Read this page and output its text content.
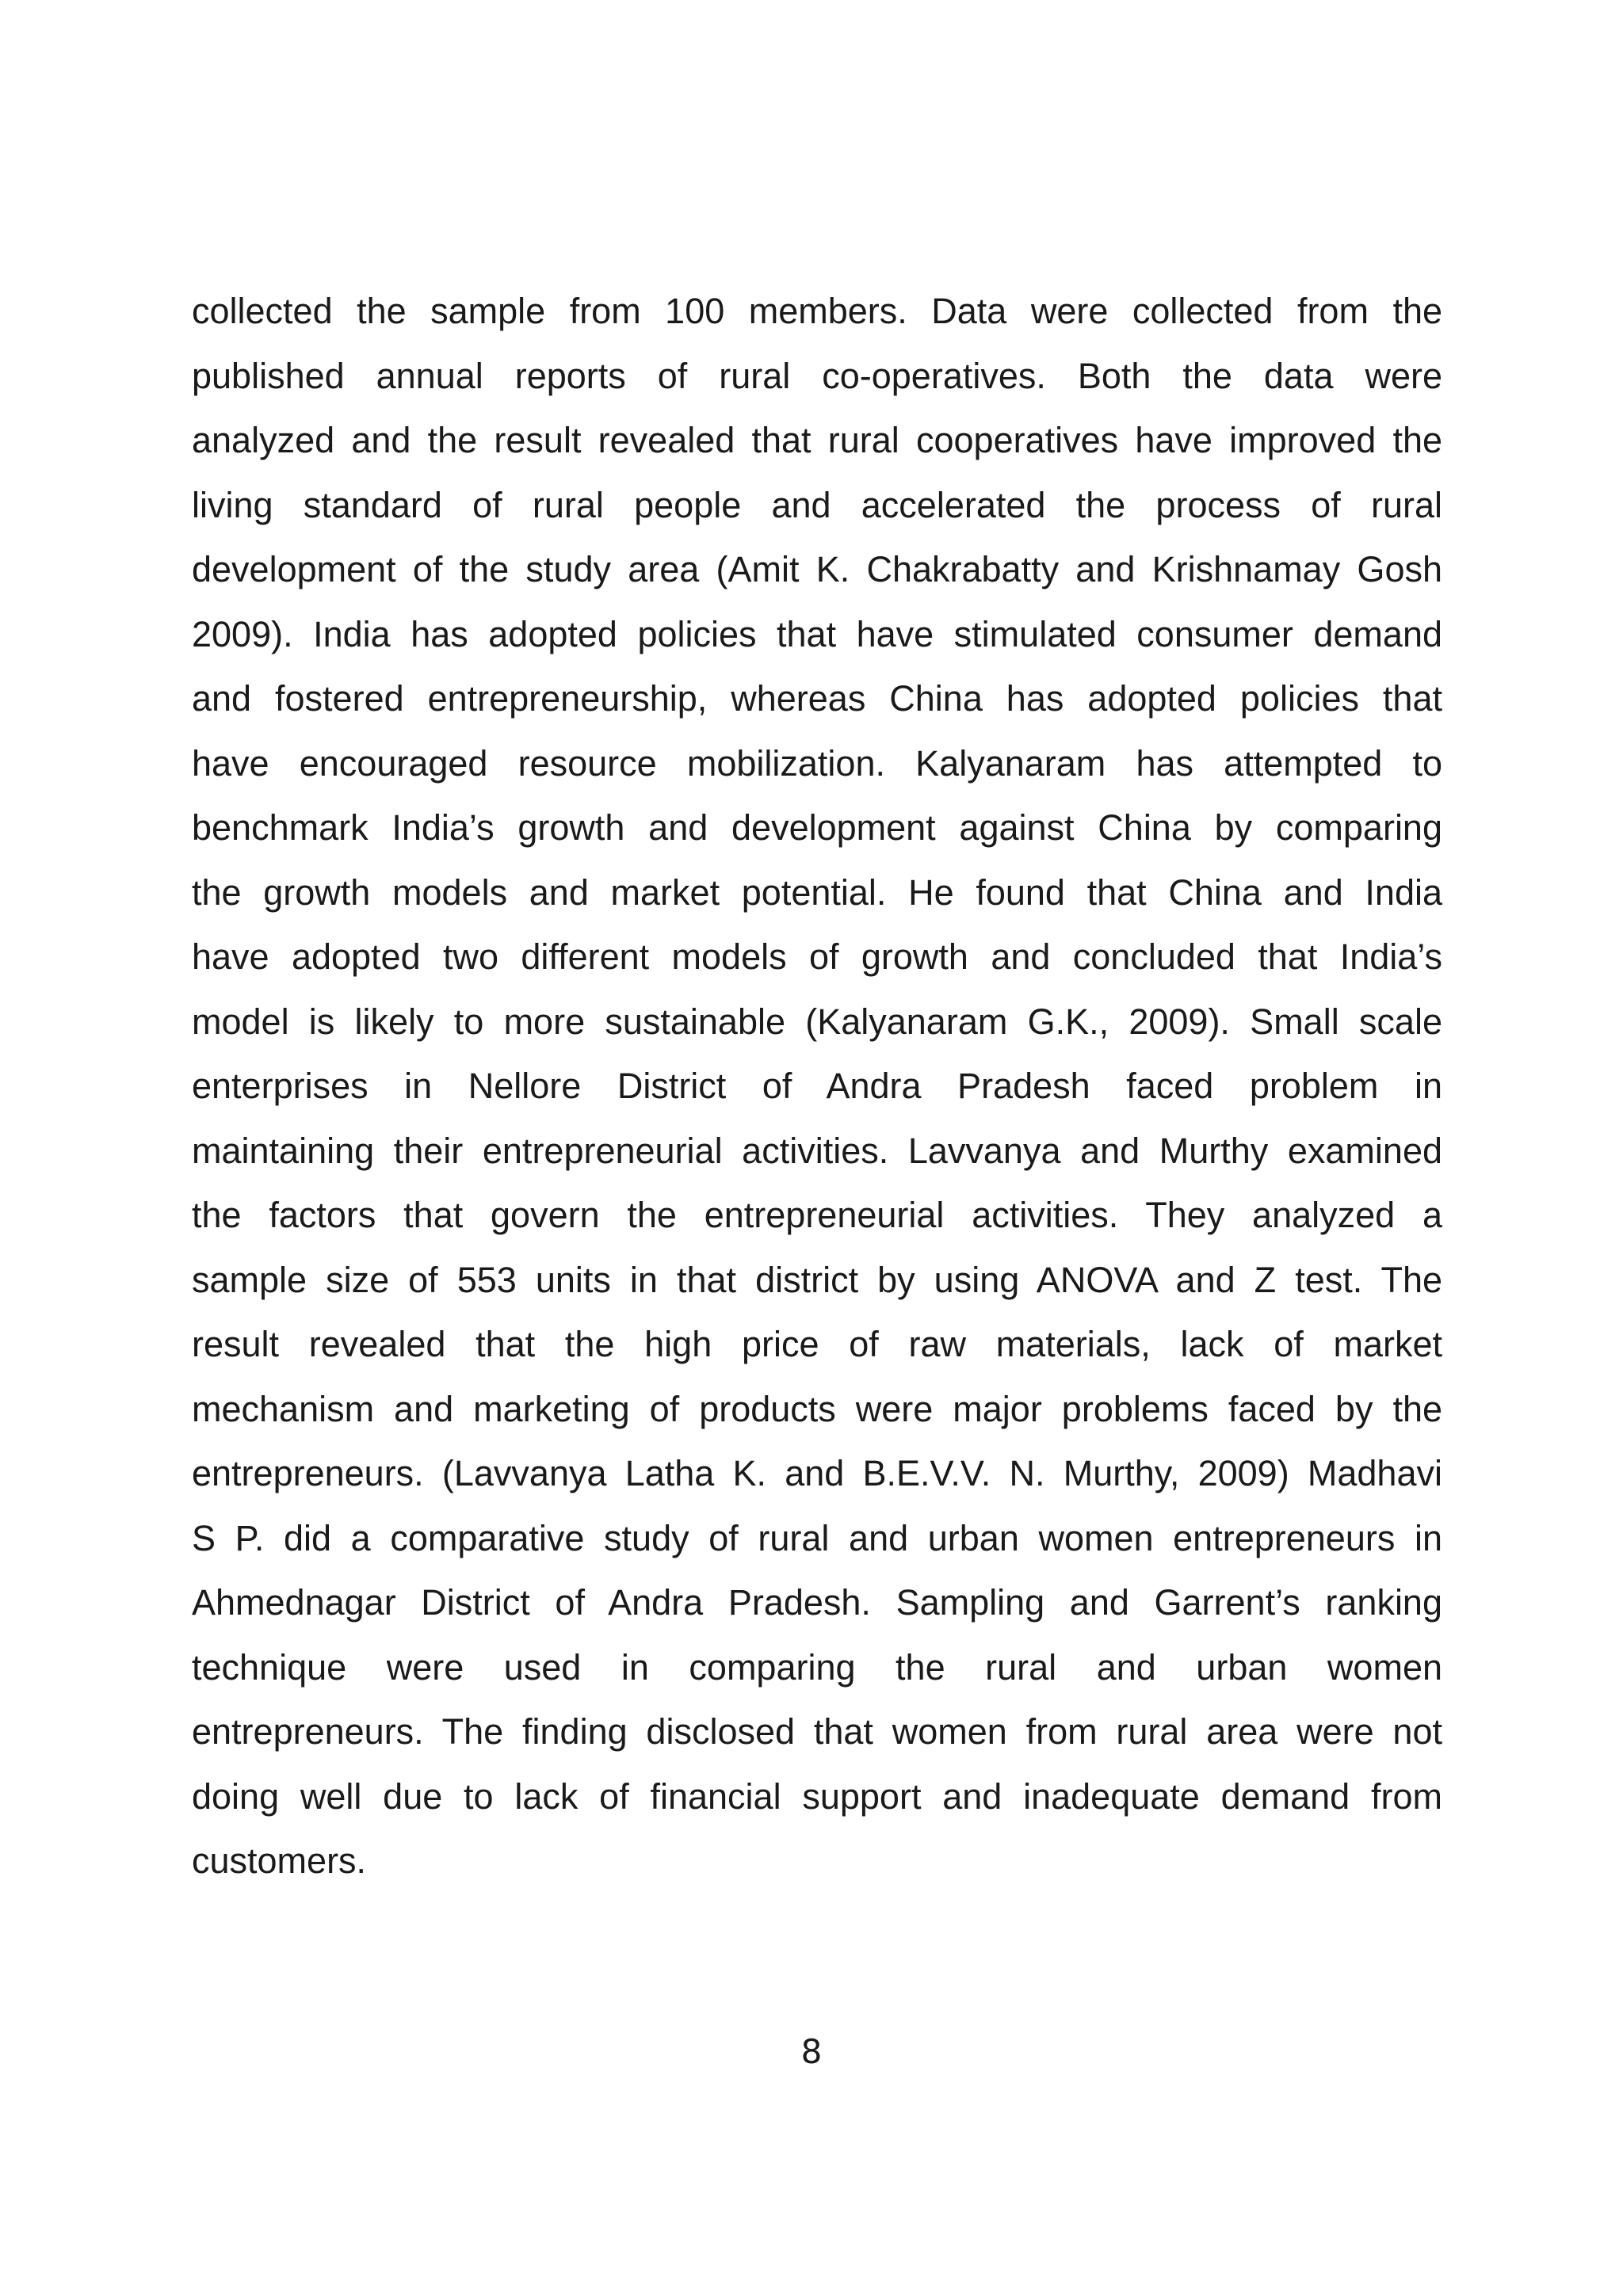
collected the sample from 100 members. Data were collected from the
published annual reports of rural co-operatives. Both the data were
analyzed and the result revealed that rural cooperatives have improved the
living standard of rural people and accelerated the process of rural
development of the study area (Amit K. Chakrabatty and Krishnamay Gosh
2009). India has adopted policies that have stimulated consumer demand
and fostered entrepreneurship, whereas China has adopted policies that
have encouraged resource mobilization. Kalyanaram has attempted to
benchmark India’s growth and development against China by comparing
the growth models and market potential. He found that China and India
have adopted two different models of growth and concluded that India’s
model is likely to more sustainable (Kalyanaram G.K., 2009). Small scale
enterprises in Nellore District of Andra Pradesh faced problem in
maintaining their entrepreneurial activities. Lavvanya and Murthy examined
the factors that govern the entrepreneurial activities. They analyzed a
sample size of 553 units in that district by using ANOVA and Z test. The
result revealed that the high price of raw materials, lack of market
mechanism and marketing of products were major problems faced by the
entrepreneurs. (Lavvanya Latha K. and B.E.V.V. N. Murthy, 2009) Madhavi
S P. did a comparative study of rural and urban women entrepreneurs in
Ahmednagar District of Andra Pradesh. Sampling and Garrent’s ranking
technique were used in comparing the rural and urban women
entrepreneurs. The finding disclosed that women from rural area were not
doing well due to lack of financial support and inadequate demand from
customers.

8
